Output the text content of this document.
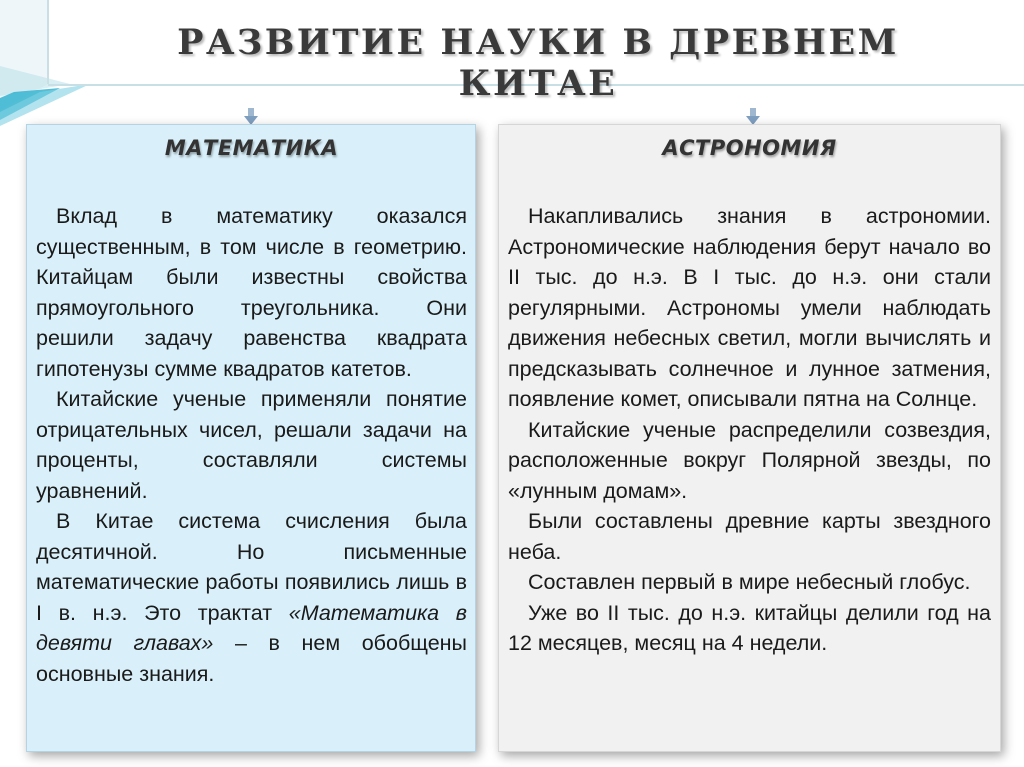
РАЗВИТИЕ НАУКИ В ДРЕВНЕМ КИТАЕ
МАТЕМАТИКА

Вклад в математику оказался существенным, в том числе в геометрию. Китайцам были известны свойства прямоугольного треугольника. Они решили задачу равенства квадрата гипотенузы сумме квадратов катетов.

Китайские ученые применяли понятие отрицательных чисел, решали задачи на проценты, составляли системы уравнений.

В Китае система счисления была десятичной. Но письменные математические работы появились лишь в I в. н.э. Это трактат «Математика в девяти главах» – в нем обобщены основные знания.

АСТРОНОМИЯ

Накапливались знания в астрономии. Астрономические наблюдения берут начало во II тыс. до н.э. В I тыс. до н.э. они стали регулярными. Астрономы умели наблюдать движения небесных светил, могли вычислять и предсказывать солнечное и лунное затмения, появление комет, описывали пятна на Солнце.

Китайские ученые распределили созвездия, расположенные вокруг Полярной звезды, по «лунным домам».

Были составлены древние карты звездного неба.

Составлен первый в мире небесный глобус.

Уже во II тыс. до н.э. китайцы делили год на 12 месяцев, месяц на 4 недели.
